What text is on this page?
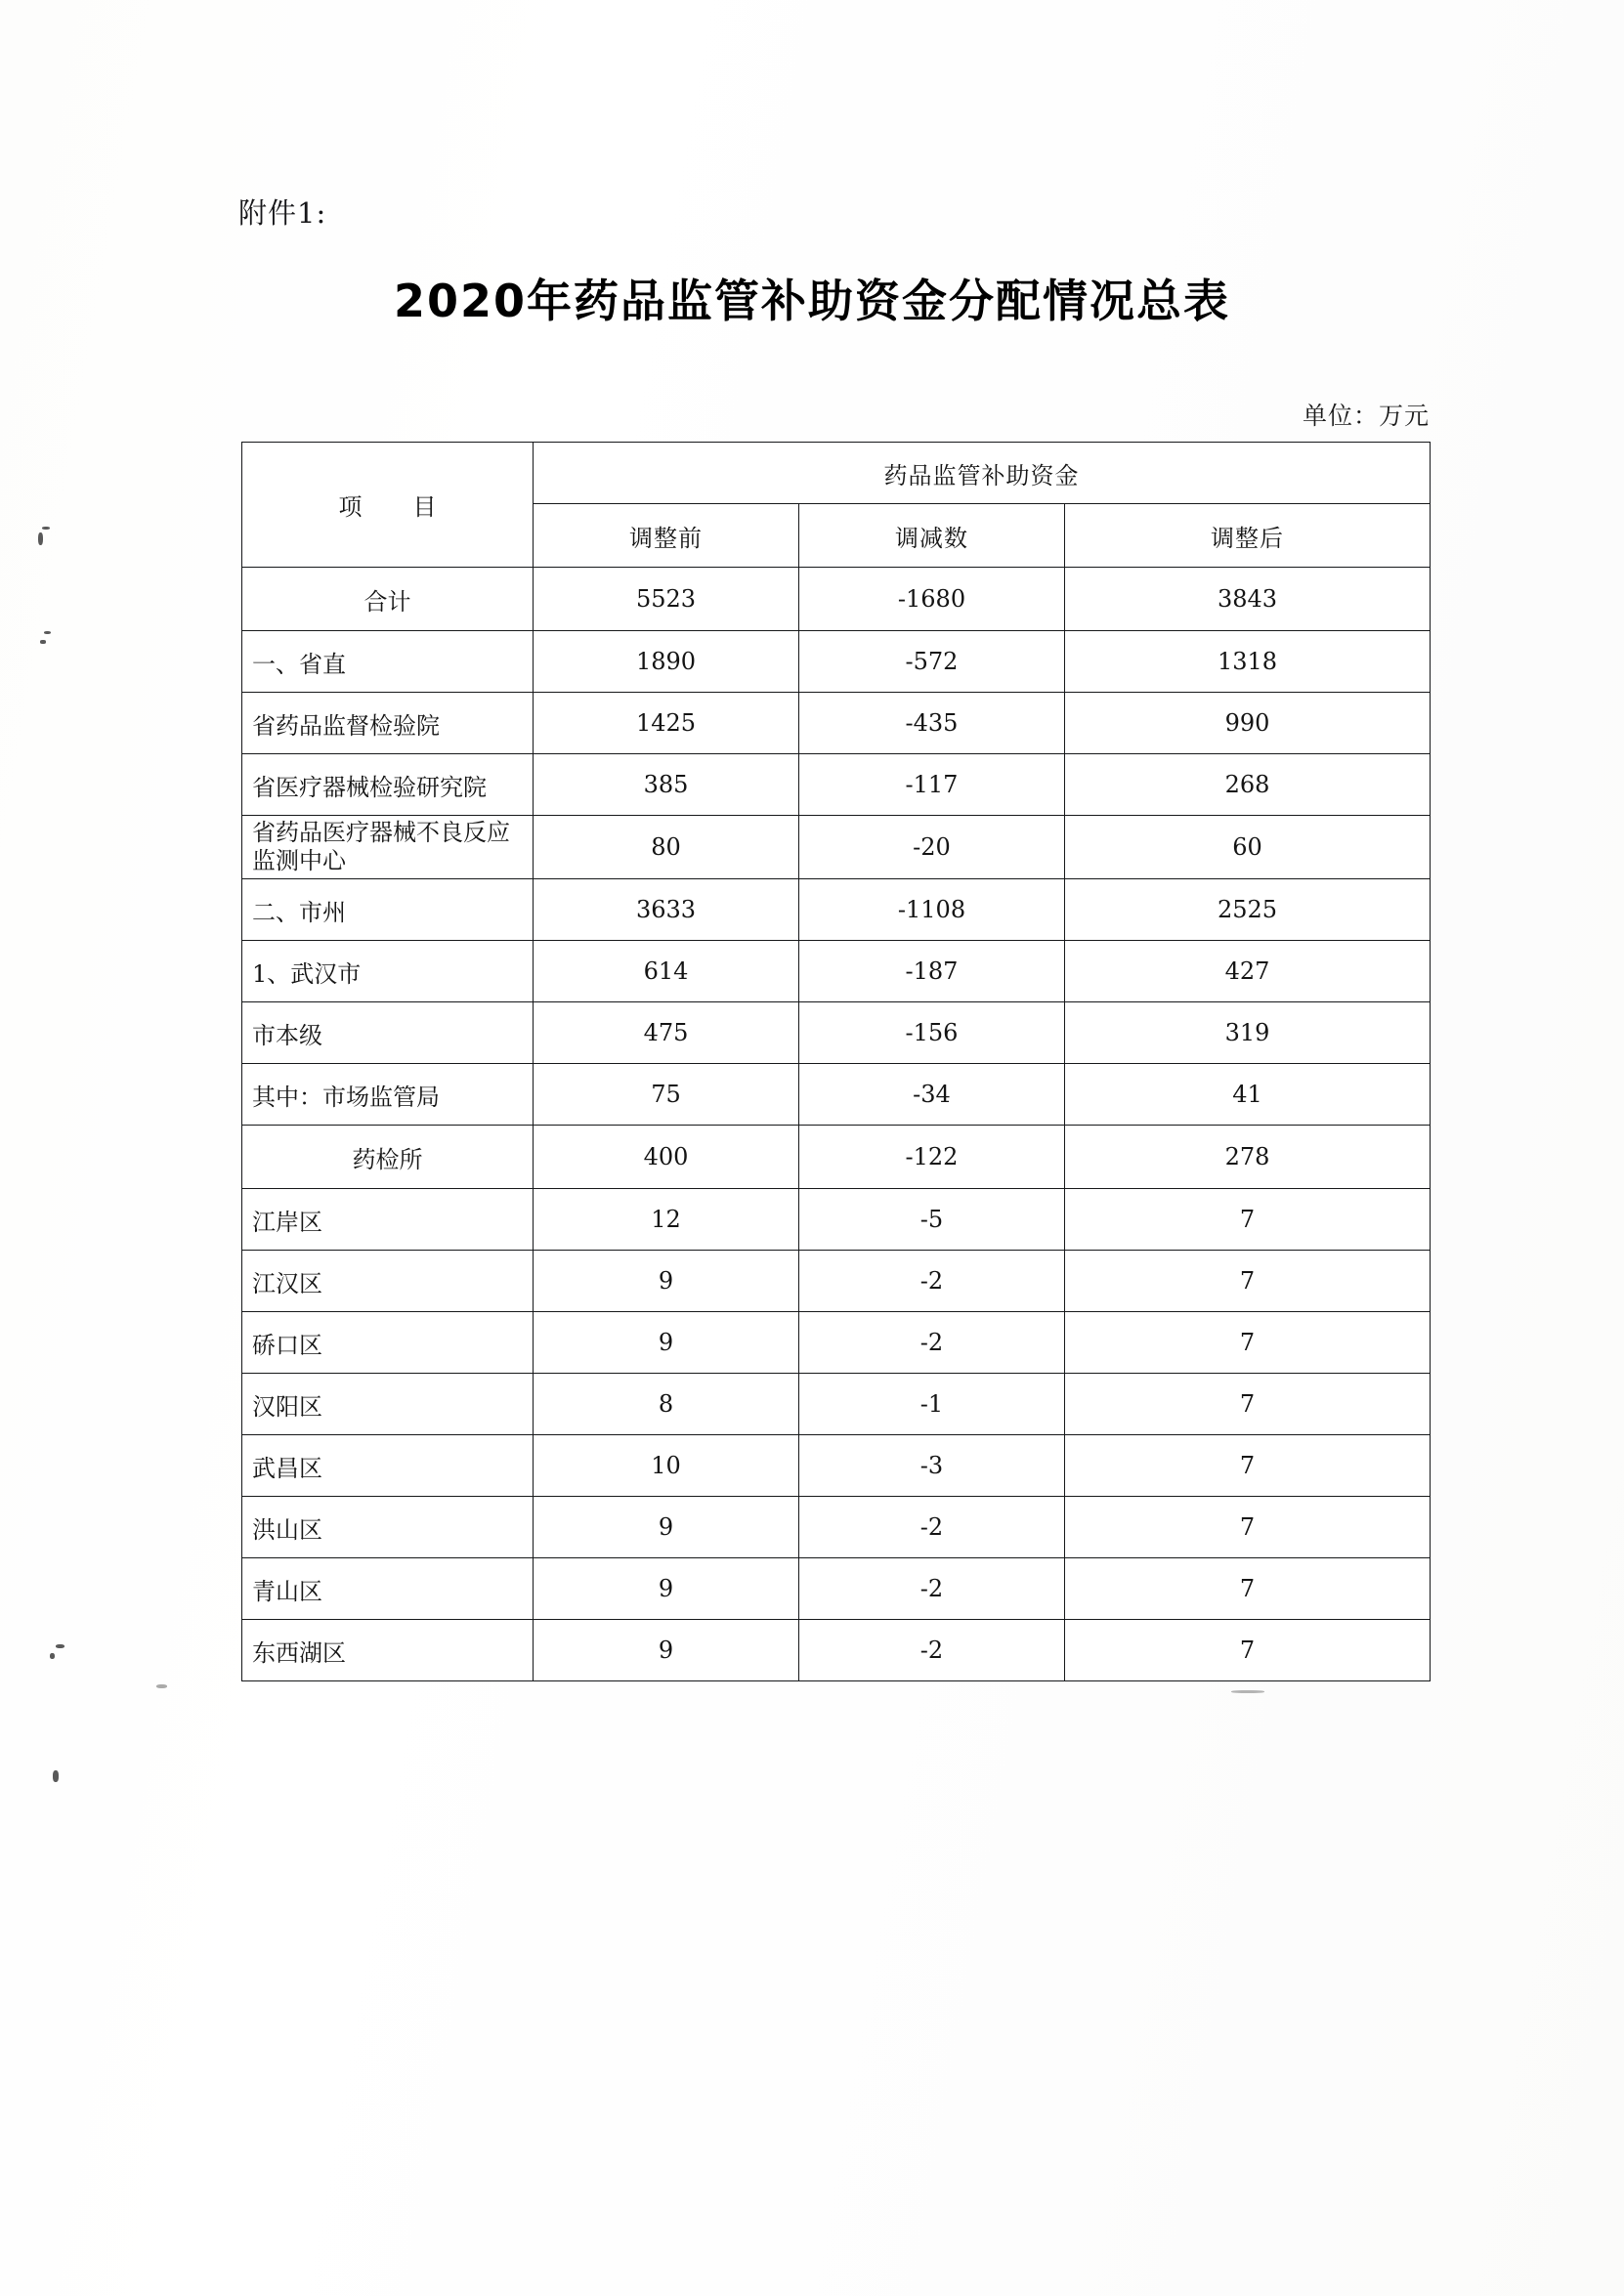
附件1:
2020年药品监管补助资金分配情况总表
单位：万元
项　目	药品监管补助资金		
	调整前	调减数	调整后
合计	5523	-1680	3843
一、省直	1890	-572	1318
省药品监督检验院	1425	-435	990
省医疗器械检验研究院	385	-117	268
省药品医疗器械不良反应
监测中心	80	-20	60
二、市州	3633	-1108	2525
1、武汉市	614	-187	427
市本级	475	-156	319
其中：市场监管局	75	-34	41
药检所	400	-122	278
江岸区	12	-5	7
江汉区	9	-2	7
硚口区	9	-2	7
汉阳区	8	-1	7
武昌区	10	-3	7
洪山区	9	-2	7
青山区	9	-2	7
东西湖区	9	-2	7
